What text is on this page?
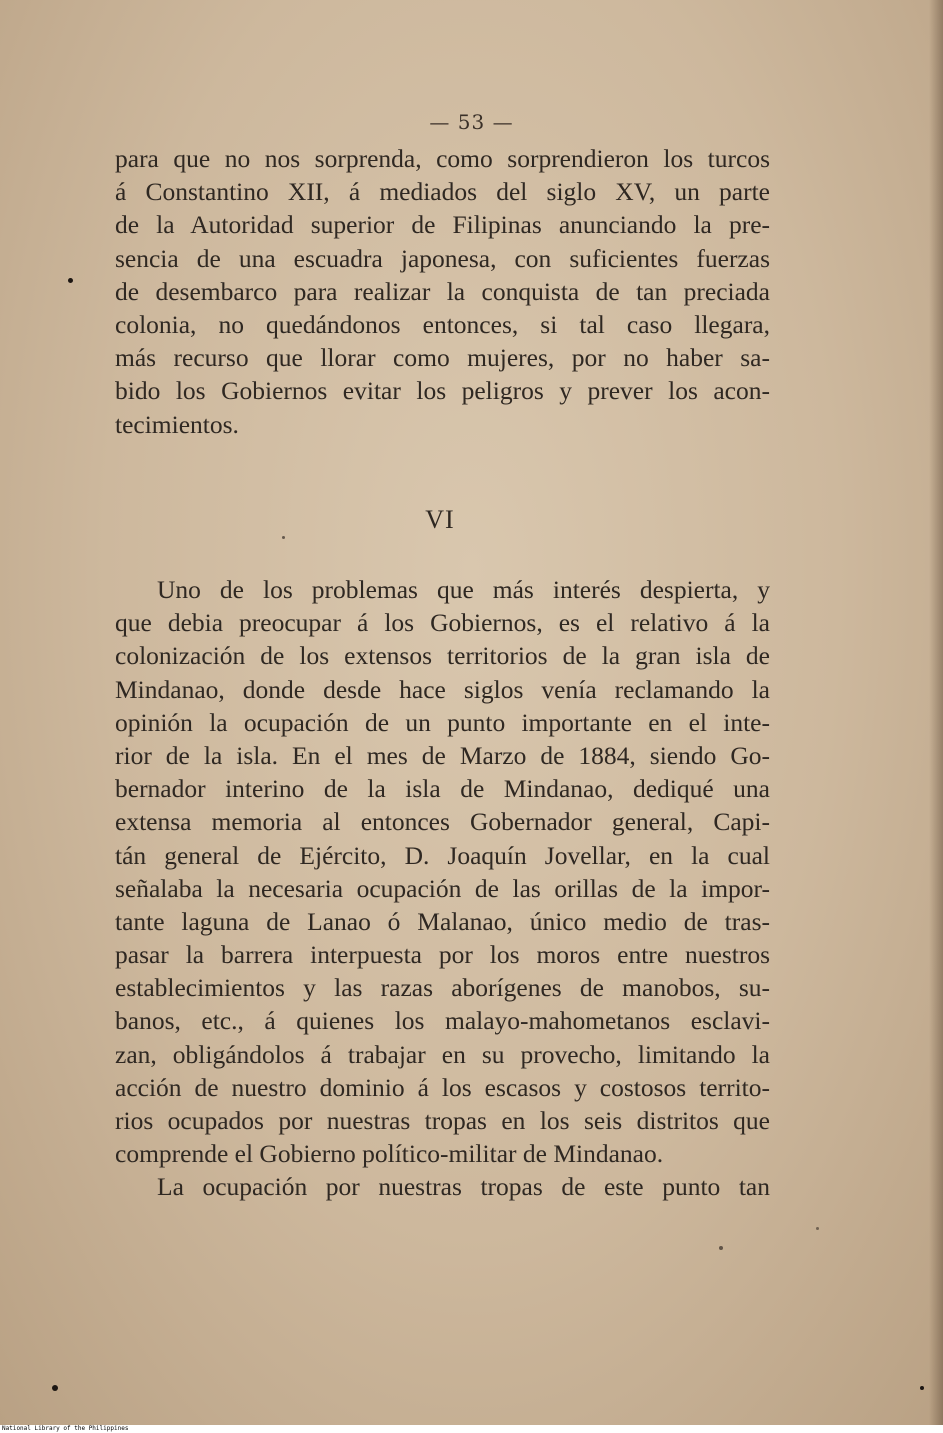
— 53 —
para que no nos sorprenda, como sorprendieron los turcos
á Constantino XII, á mediados del siglo XV, un parte
de la Autoridad superior de Filipinas anunciando la pre-
sencia de una escuadra japonesa, con suficientes fuerzas
de desembarco para realizar la conquista de tan preciada
colonia, no quedándonos entonces, si tal caso llegara,
más recurso que llorar como mujeres, por no haber sa-
bido los Gobiernos evitar los peligros y prever los acon-
tecimientos.
VI
Uno de los problemas que más interés despierta, y
que debia preocupar á los Gobiernos, es el relativo á la
colonización de los extensos territorios de la gran isla de
Mindanao, donde desde hace siglos venía reclamando la
opinión la ocupación de un punto importante en el inte-
rior de la isla. En el mes de Marzo de 1884, siendo Go-
bernador interino de la isla de Mindanao, dediqué una
extensa memoria al entonces Gobernador general, Capi-
tán general de Ejército, D. Joaquín Jovellar, en la cual
señalaba la necesaria ocupación de las orillas de la impor-
tante laguna de Lanao ó Malanao, único medio de tras-
pasar la barrera interpuesta por los moros entre nuestros
establecimientos y las razas aborígenes de manobos, su-
banos, etc., á quienes los malayo-mahometanos esclavi-
zan, obligándolos á trabajar en su provecho, limitando la
acción de nuestro dominio á los escasos y costosos territo-
rios ocupados por nuestras tropas en los seis distritos que
comprende el Gobierno político-militar de Mindanao.
La ocupación por nuestras tropas de este punto tan
National Library of the Philippines
